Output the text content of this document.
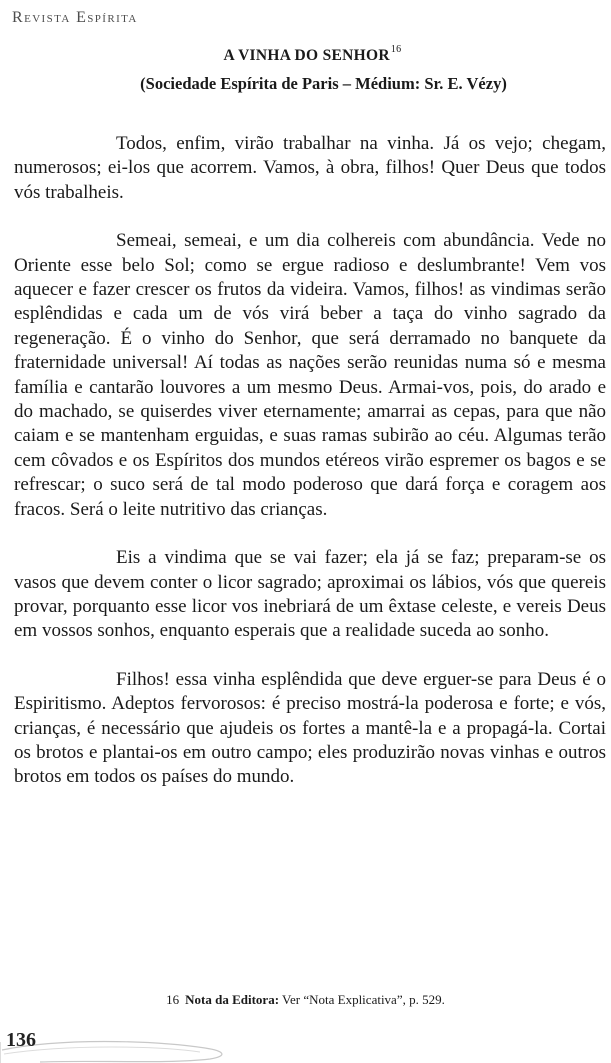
Revista Espírita
A VINHA DO SENHOR$^{16}$
(Sociedade Espírita de Paris – Médium: Sr. E. Vézy)

Todos, enfim, virão trabalhar na vinha. Já os vejo; chegam, numerosos; ei-los que acorrem. Vamos, à obra, filhos! Quer Deus que todos vós trabalheis.

Semeai, semeai, e um dia colhereis com abundância. Vede no Oriente esse belo Sol; como se ergue radioso e deslumbrante! Vem vos aquecer e fazer crescer os frutos da videira. Vamos, filhos! as vindimas serão esplêndidas e cada um de vós virá beber a taça do vinho sagrado da regeneração. É o vinho do Senhor, que será derramado no banquete da fraternidade universal! Aí todas as nações serão reunidas numa só e mesma família e cantarão louvores a um mesmo Deus. Armai-vos, pois, do arado e do machado, se quiserdes viver eternamente; amarrai as cepas, para que não caiam e se mantenham erguidas, e suas ramas subirão ao céu. Algumas terão cem côvados e os Espíritos dos mundos etéreos virão espremer os bagos e se refrescar; o suco será de tal modo poderoso que dará força e coragem aos fracos. Será o leite nutritivo das crianças.

Eis a vindima que se vai fazer; ela já se faz; preparam-se os vasos que devem conter o licor sagrado; aproximai os lábios, vós que quereis provar, porquanto esse licor vos inebriará de um êxtase celeste, e vereis Deus em vossos sonhos, enquanto esperais que a realidade suceda ao sonho.

Filhos! essa vinha esplêndida que deve erguer-se para Deus é o Espiritismo. Adeptos fervorosos: é preciso mostrá-la poderosa e forte; e vós, crianças, é necessário que ajudeis os fortes a mantê-la e a propagá-la. Cortai os brotos e plantai-os em outro campo; eles produzirão novas vinhas e outros brotos em todos os países do mundo.

16 Nota da Editora: Ver “Nota Explicativa”, p. 529.
136
